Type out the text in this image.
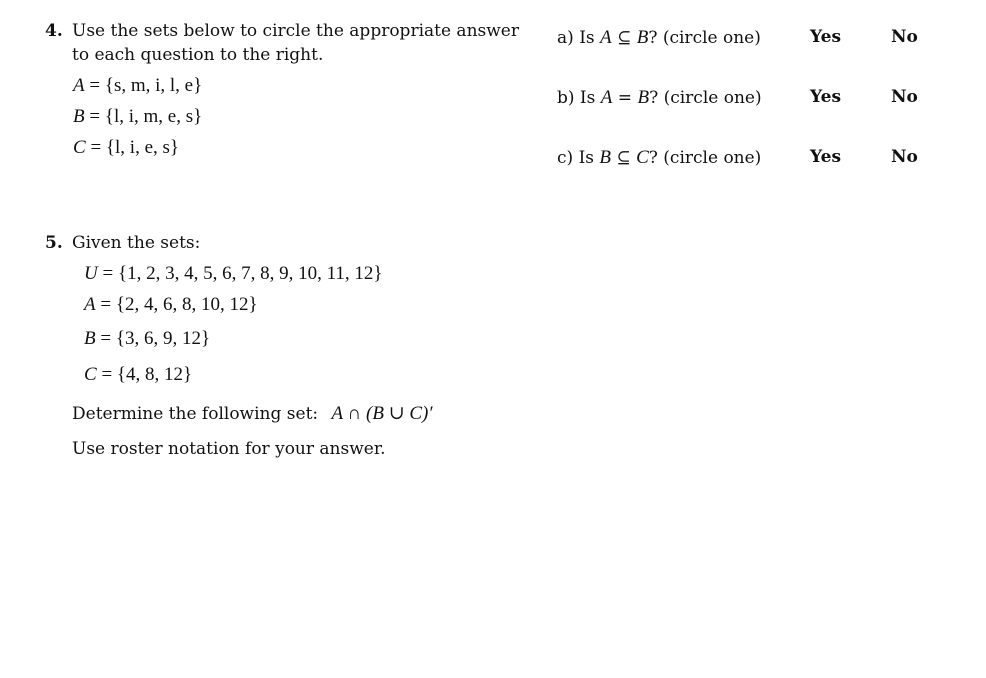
4. Use the sets below to circle the appropriate answer
to each question to the right.
A = {s, m, i, l, e}
B = {l, i, m, e, s}
C = {l, i, e, s}
a) Is A ⊆ B? (circle one)	Yes	No
b) Is A = B? (circle one)	Yes	No
c) Is B ⊆ C? (circle one)	Yes	No
5. Given the sets:
U = {1, 2, 3, 4, 5, 6, 7, 8, 9, 10, 11, 12}
A = {2, 4, 6, 8, 10, 12}
B = {3, 6, 9, 12}
C = {4, 8, 12}
Determine the following set: A ∩ (B ∪ C)′
Use roster notation for your answer.
